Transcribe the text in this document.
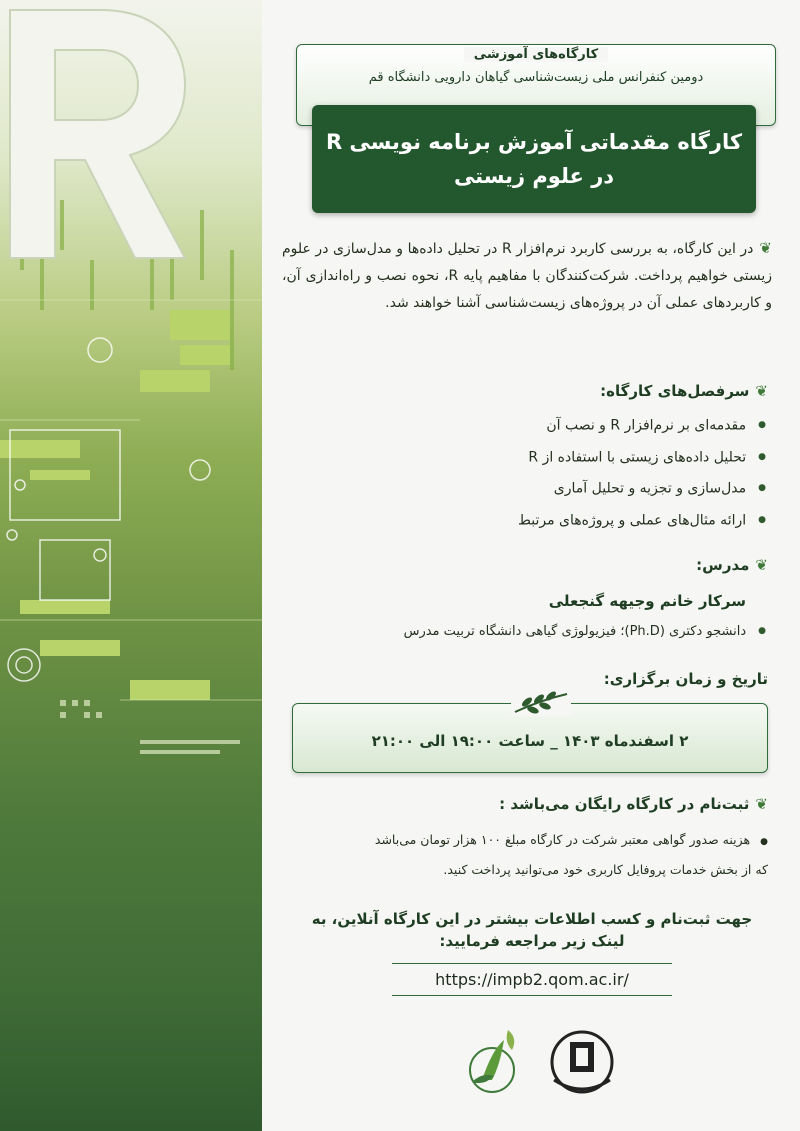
کارگاه‌های آموزشی
دومین کنفرانس ملی زیست‌شناسی گیاهان دارویی دانشگاه قم
کارگاه مقدماتی آموزش برنامه نویسی R
در علوم زیستی
❦در این کارگاه، به بررسی کاربرد نرم‌افزار R در تحلیل داده‌ها و مدل‌سازی در علوم زیستی خواهیم پرداخت. شرکت‌کنندگان با مفاهیم پایه R، نحوه نصب و راه‌اندازی آن، و کاربردهای عملی آن در پروژه‌های زیست‌شناسی آشنا خواهند شد.
❦سرفصل‌های کارگاه:
● مقدمه‌ای بر نرم‌افزار R و نصب آن
● تحلیل داده‌های زیستی با استفاده از R
● مدل‌سازی و تجزیه و تحلیل آماری
● ارائه مثال‌های عملی و پروژه‌های مرتبط
❦مدرس:
سرکار خانم وجیهه گنجعلی
● دانشجو دکتری (Ph.D)؛ فیزیولوژی گیاهی دانشگاه تربیت مدرس
تاریخ و زمان برگزاری:
۲ اسفندماه ۱۴۰۳ _ ساعت ۱۹:۰۰ الی ۲۱:۰۰
❦ثبت‌نام در کارگاه رایگان می‌باشد :
●هزینه صدور گواهی معتبر شرکت در کارگاه مبلغ ۱۰۰ هزار تومان می‌باشد
که از بخش خدمات پروفایل کاربری خود می‌توانید پرداخت کنید.
جهت ثبت‌نام و کسب اطلاعات بیشتر در این کارگاه آنلاین، به
لینک زیر مراجعه فرمایید:
https://impb2.qom.ac.ir/
